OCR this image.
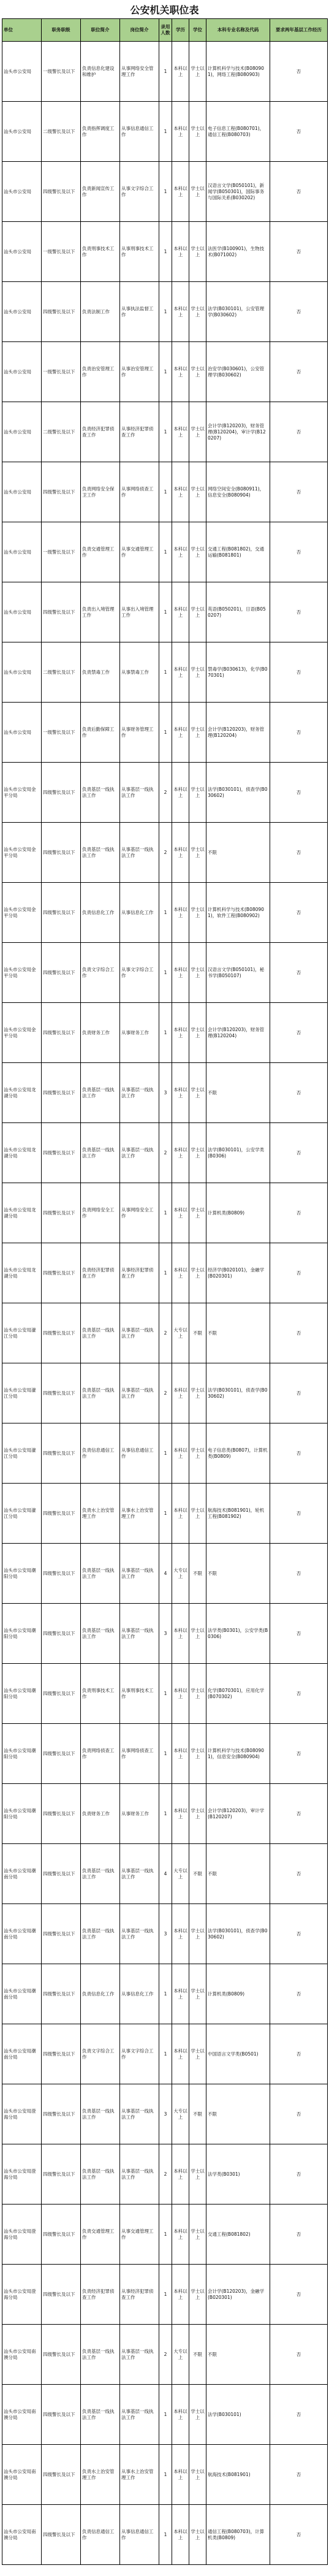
公安机关职位表
单位	职务职级	职位简介	岗位简介	录用人数	学历	学位	本科专业名称及代码	要求两年基层工作经历
汕头市公安局	一级警长及以下	负责信息化建设和维护	从事网络安全管理工作	1	本科以上	学士以上	计算机科学与技术(B080901)，网络工程(B080903)	否
汕头市公安局	二级警长及以下	负责指挥调度工作	从事信息通信工作	1	本科以上	学士以上	电子信息工程(B080701)，通信工程(B080703)	否
汕头市公安局	四级警长及以下	负责新闻宣传工作	从事文字综合工作	1	本科以上	学士以上	汉语言文学(B050101)，新闻学(B050301)，国际事务与国际关系(B030202)	否
汕头市公安局	一级警长及以下	负责刑事技术工作	从事刑事技术工作	1	本科以上	学士以上	法医学(B100901)，生物技术(B071002)	否
汕头市公安局	四级警长及以下	负责法制工作	从事执法监督工作	1	本科以上	学士以上	法学(B030101)，公安管理学(B030602)	否
汕头市公安局	一级警长及以下	负责治安管理工作	从事治安管理工作	1	本科以上	学士以上	治安学(B030601)，公安管理学(B030602)	否
汕头市公安局	二级警长及以下	负责经济犯罪侦查工作	从事经济犯罪侦查工作	1	本科以上	学士以上	会计学(B120203)，财务管理(B120204)，审计学(B120207)	否
汕头市公安局	四级警长及以下	负责网络安全保卫工作	从事网络侦查工作	1	本科以上	学士以上	网络空间安全(B080911)，信息安全(B080904)	否
汕头市公安局	一级警长及以下	负责交通管理工作	从事交通管理工作	1	本科以上	学士以上	交通工程(B081802)，交通运输(B081801)	否
汕头市公安局	四级警长及以下	负责出入境管理工作	从事出入境管理工作	1	本科以上	学士以上	英语(B050201)，日语(B050207)	否
汕头市公安局	二级警长及以下	负责禁毒工作	从事禁毒工作	1	本科以上	学士以上	禁毒学(B030613)，化学(B070301)	否
汕头市公安局	一级警长及以下	负责后勤保障工作	从事财务管理工作	1	本科以上	学士以上	会计学(B120203)，财务管理(B120204)	否
汕头市公安局金平分局	四级警长及以下	负责基层一线执法工作	从事基层一线执法工作	2	本科以上	学士以上	法学(B030101)，侦查学(B030602)	否
汕头市公安局金平分局	四级警长及以下	负责基层一线执法工作	从事基层一线执法工作	2	本科以上	学士以上	不限	否
汕头市公安局金平分局	四级警长及以下	负责信息化工作	从事信息化工作	1	本科以上	学士以上	计算机科学与技术(B080901)，软件工程(B080902)	否
汕头市公安局金平分局	四级警长及以下	负责文字综合工作	从事文字综合工作	1	本科以上	学士以上	汉语言文学(B050101)，秘书学(B050107)	否
汕头市公安局金平分局	四级警长及以下	负责财务工作	从事财务工作	1	本科以上	学士以上	会计学(B120203)，财务管理(B120204)	否
汕头市公安局龙湖分局	四级警长及以下	负责基层一线执法工作	从事基层一线执法工作	3	本科以上	学士以上	不限	否
汕头市公安局龙湖分局	四级警长及以下	负责基层一线执法工作	从事基层一线执法工作	2	本科以上	学士以上	法学(B030101)，公安学类(B0306)	否
汕头市公安局龙湖分局	四级警长及以下	负责网络安全工作	从事网络安全工作	1	本科以上	学士以上	计算机类(B0809)	否
汕头市公安局龙湖分局	四级警长及以下	负责经济犯罪侦查工作	从事经济犯罪侦查工作	1	本科以上	学士以上	经济学(B020101)，金融学(B020301)	否
汕头市公安局濠江分局	四级警长及以下	负责基层一线执法工作	从事基层一线执法工作	2	大专以上	不限	不限	否
汕头市公安局濠江分局	四级警长及以下	负责基层一线执法工作	从事基层一线执法工作	2	本科以上	学士以上	法学(B030101)，侦查学(B030602)	否
汕头市公安局濠江分局	四级警长及以下	负责信息通信工作	从事信息通信工作	1	本科以上	学士以上	电子信息类(B0807)，计算机类(B0809)	否
汕头市公安局濠江分局	四级警长及以下	负责水上治安管理工作	从事水上治安管理工作	1	本科以上	学士以上	航海技术(B081901)，轮机工程(B081902)	否
汕头市公安局潮阳分局	四级警长及以下	负责基层一线执法工作	从事基层一线执法工作	4	大专以上	不限	不限	否
汕头市公安局潮阳分局	四级警长及以下	负责基层一线执法工作	从事基层一线执法工作	3	本科以上	学士以上	法学类(B0301)，公安学类(B0306)	否
汕头市公安局潮阳分局	四级警长及以下	负责刑事技术工作	从事刑事技术工作	1	本科以上	学士以上	化学(B070301)，应用化学(B070302)	否
汕头市公安局潮阳分局	四级警长及以下	负责网络侦查工作	从事网络侦查工作	1	本科以上	学士以上	计算机科学与技术(B080901)，信息安全(B080904)	否
汕头市公安局潮阳分局	四级警长及以下	负责财务工作	从事财务工作	1	本科以上	学士以上	会计学(B120203)，审计学(B120207)	否
汕头市公安局潮南分局	四级警长及以下	负责基层一线执法工作	从事基层一线执法工作	4	大专以上	不限	不限	否
汕头市公安局潮南分局	四级警长及以下	负责基层一线执法工作	从事基层一线执法工作	3	本科以上	学士以上	法学(B030101)，侦查学(B030602)	否
汕头市公安局潮南分局	四级警长及以下	负责信息化工作	从事信息化工作	1	本科以上	学士以上	计算机类(B0809)	否
汕头市公安局潮南分局	四级警长及以下	负责文字综合工作	从事文字综合工作	1	本科以上	学士以上	中国语言文学类(B0501)	否
汕头市公安局澄海分局	四级警长及以下	负责基层一线执法工作	从事基层一线执法工作	3	大专以上	不限	不限	否
汕头市公安局澄海分局	四级警长及以下	负责基层一线执法工作	从事基层一线执法工作	2	本科以上	学士以上	法学类(B0301)	否
汕头市公安局澄海分局	四级警长及以下	负责交通管理工作	从事交通管理工作	1	本科以上	学士以上	交通工程(B081802)	否
汕头市公安局澄海分局	四级警长及以下	负责经济犯罪侦查工作	从事经济犯罪侦查工作	1	本科以上	学士以上	会计学(B120203)，金融学(B020301)	否
汕头市公安局南澳分局	四级警长及以下	负责基层一线执法工作	从事基层一线执法工作	2	大专以上	不限	不限	否
汕头市公安局南澳分局	四级警长及以下	负责基层一线执法工作	从事基层一线执法工作	1	本科以上	学士以上	法学(B030101)	否
汕头市公安局南澳分局	四级警长及以下	负责水上治安管理工作	从事水上治安管理工作	1	本科以上	学士以上	航海技术(B081901)	否
汕头市公安局南澳分局	四级警长及以下	负责信息通信工作	从事信息通信工作	1	本科以上	学士以上	通信工程(B080703)，计算机类(B0809)	否
